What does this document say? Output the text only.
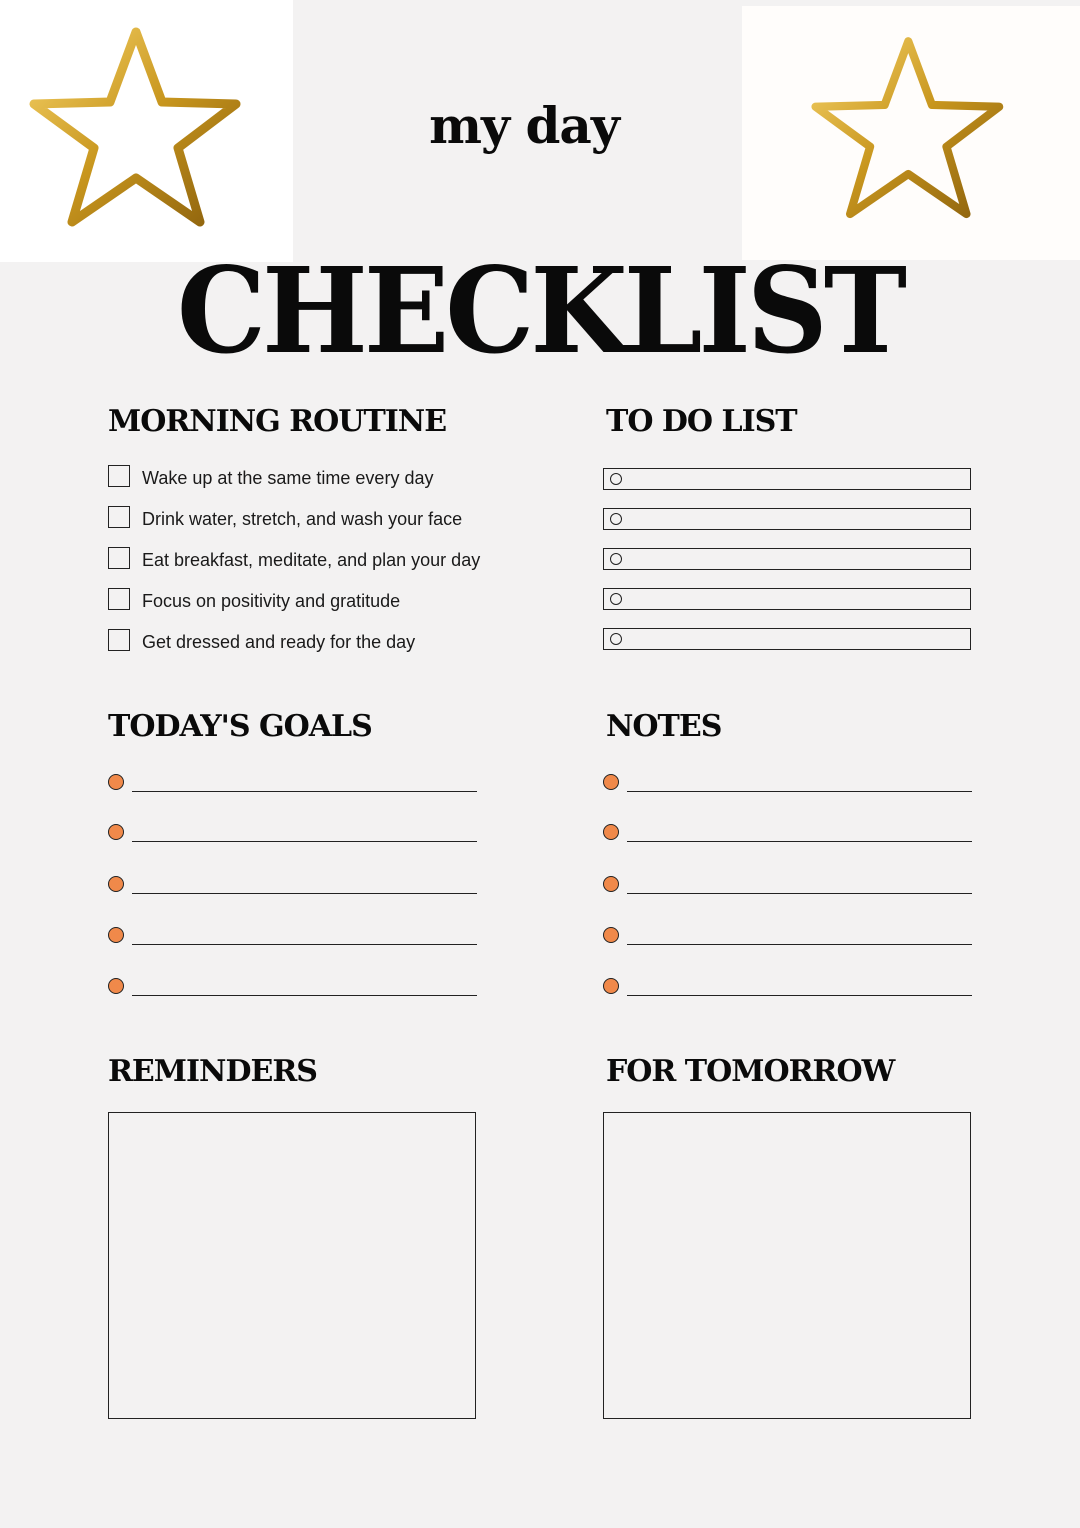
my day
CHECKLIST
MORNING ROUTINE
Wake up at the same time every day
Drink water, stretch, and wash your face
Eat breakfast, meditate, and plan your day
Focus on positivity and gratitude
Get dressed and ready for the day
TO DO LIST
TODAY'S GOALS	NOTES
REMINDERS	FOR TOMORROW
